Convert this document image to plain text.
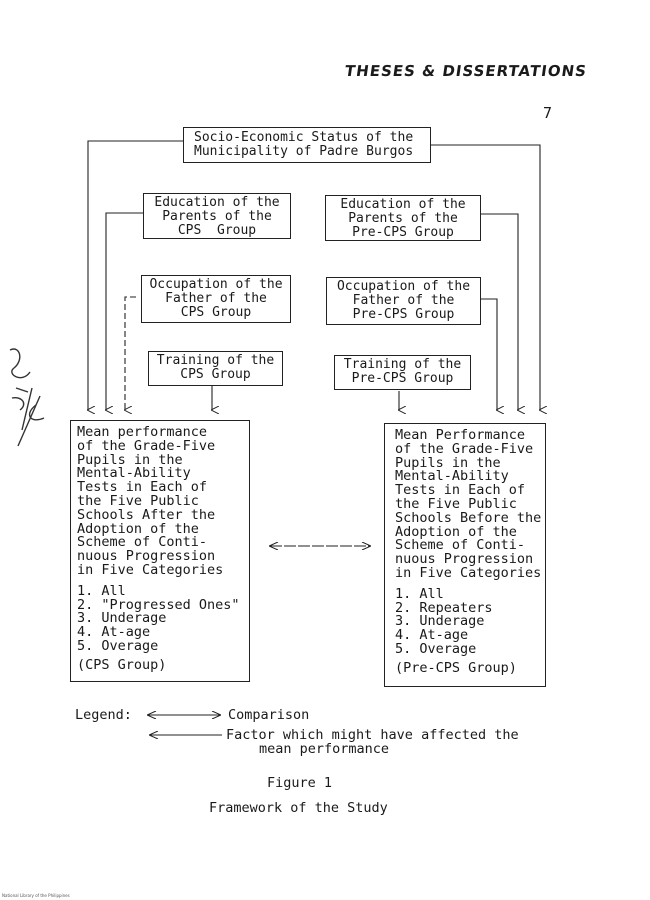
THESES & DISSERTATIONS
7
Socio-Economic Status of the
Municipality of Padre Burgos
Education of the
Parents of the
CPS  Group
Education of the
Parents of the
Pre-CPS Group
Occupation of the
Father of the
CPS Group
Occupation of the
Father of the
Pre-CPS Group
Training of the
CPS Group
Training of the
Pre-CPS Group
Mean performance
of the Grade-Five
Pupils in the
Mental-Ability
Tests in Each of
the Five Public
Schools After the
Adoption of the
Scheme of Conti-
nuous Progression
in Five Categories
1. All
2. "Progressed Ones"
3. Underage
4. At-age
5. Overage
(CPS Group)
Mean Performance
of the Grade-Five
Pupils in the
Mental-Ability
Tests in Each of
the Five Public
Schools Before the
Adoption of the
Scheme of Conti-
nuous Progression
in Five Categories
1. All
2. Repeaters
3. Underage
4. At-age
5. Overage
(Pre-CPS Group)
Legend:	Comparison
Factor which might have affected the
mean performance
Figure 1
Framework of the Study
National Library of the Philippines
